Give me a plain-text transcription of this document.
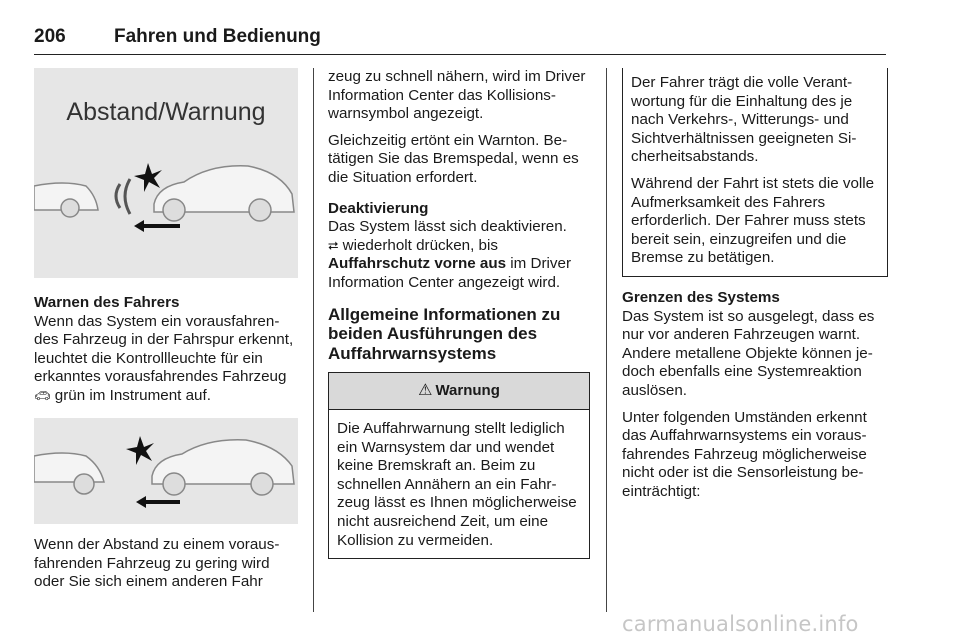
206	Fahren und Bedienung
Abstand/Warnung
Warnen des Fahrers

Wenn das System ein vorausfahrendes Fahrzeug in der Fahrspur erkennt, leuchtet die Kontrollleuchte für ein erkanntes vorausfahrendes Fahrzeug 🚗︎ grün im Instrument auf.

Wenn der Abstand zu einem vorausfahrenden Fahrzeug zu gering wird oder Sie sich einem anderen Fahr

zeug zu schnell nähern, wird im Driver Information Center das Kollisionswarnsymbol angezeigt.

Gleichzeitig ertönt ein Warnton. Betätigen Sie das Bremspedal, wenn es die Situation erfordert.

Deaktivierung
Das System lässt sich deaktivieren.
⮂ wiederholt drücken, bis

Auffahrschutz vorne aus im Driver Information Center angezeigt wird.

Allgemeine Informationen zu beiden Ausführungen des Auffahrwarnsystems
⚠︎ Warnung
Die Auffahrwarnung stellt lediglich ein Warnsystem dar und wendet keine Bremskraft an. Beim zu schnellen Annähern an ein Fahrzeug lässt es Ihnen möglicherweise nicht ausreichend Zeit, um eine Kollision zu vermeiden.

Der Fahrer trägt die volle Verantwortung für die Einhaltung des je nach Verkehrs-, Witterungs- und Sichtverhältnissen geeigneten Sicherheitsabstands.

Während der Fahrt ist stets die volle Aufmerksamkeit des Fahrers erforderlich. Der Fahrer muss stets bereit sein, einzugreifen und die Bremse zu betätigen.

Grenzen des Systems

Das System ist so ausgelegt, dass es nur vor anderen Fahrzeugen warnt. Andere metallene Objekte können jedoch ebenfalls eine Systemreaktion auslösen.

Unter folgenden Umständen erkennt das Auffahrwarnsystems ein vorausfahrendes Fahrzeug möglicherweise nicht oder ist die Sensorleistung beeinträchtigt:

carmanualsonline.info
